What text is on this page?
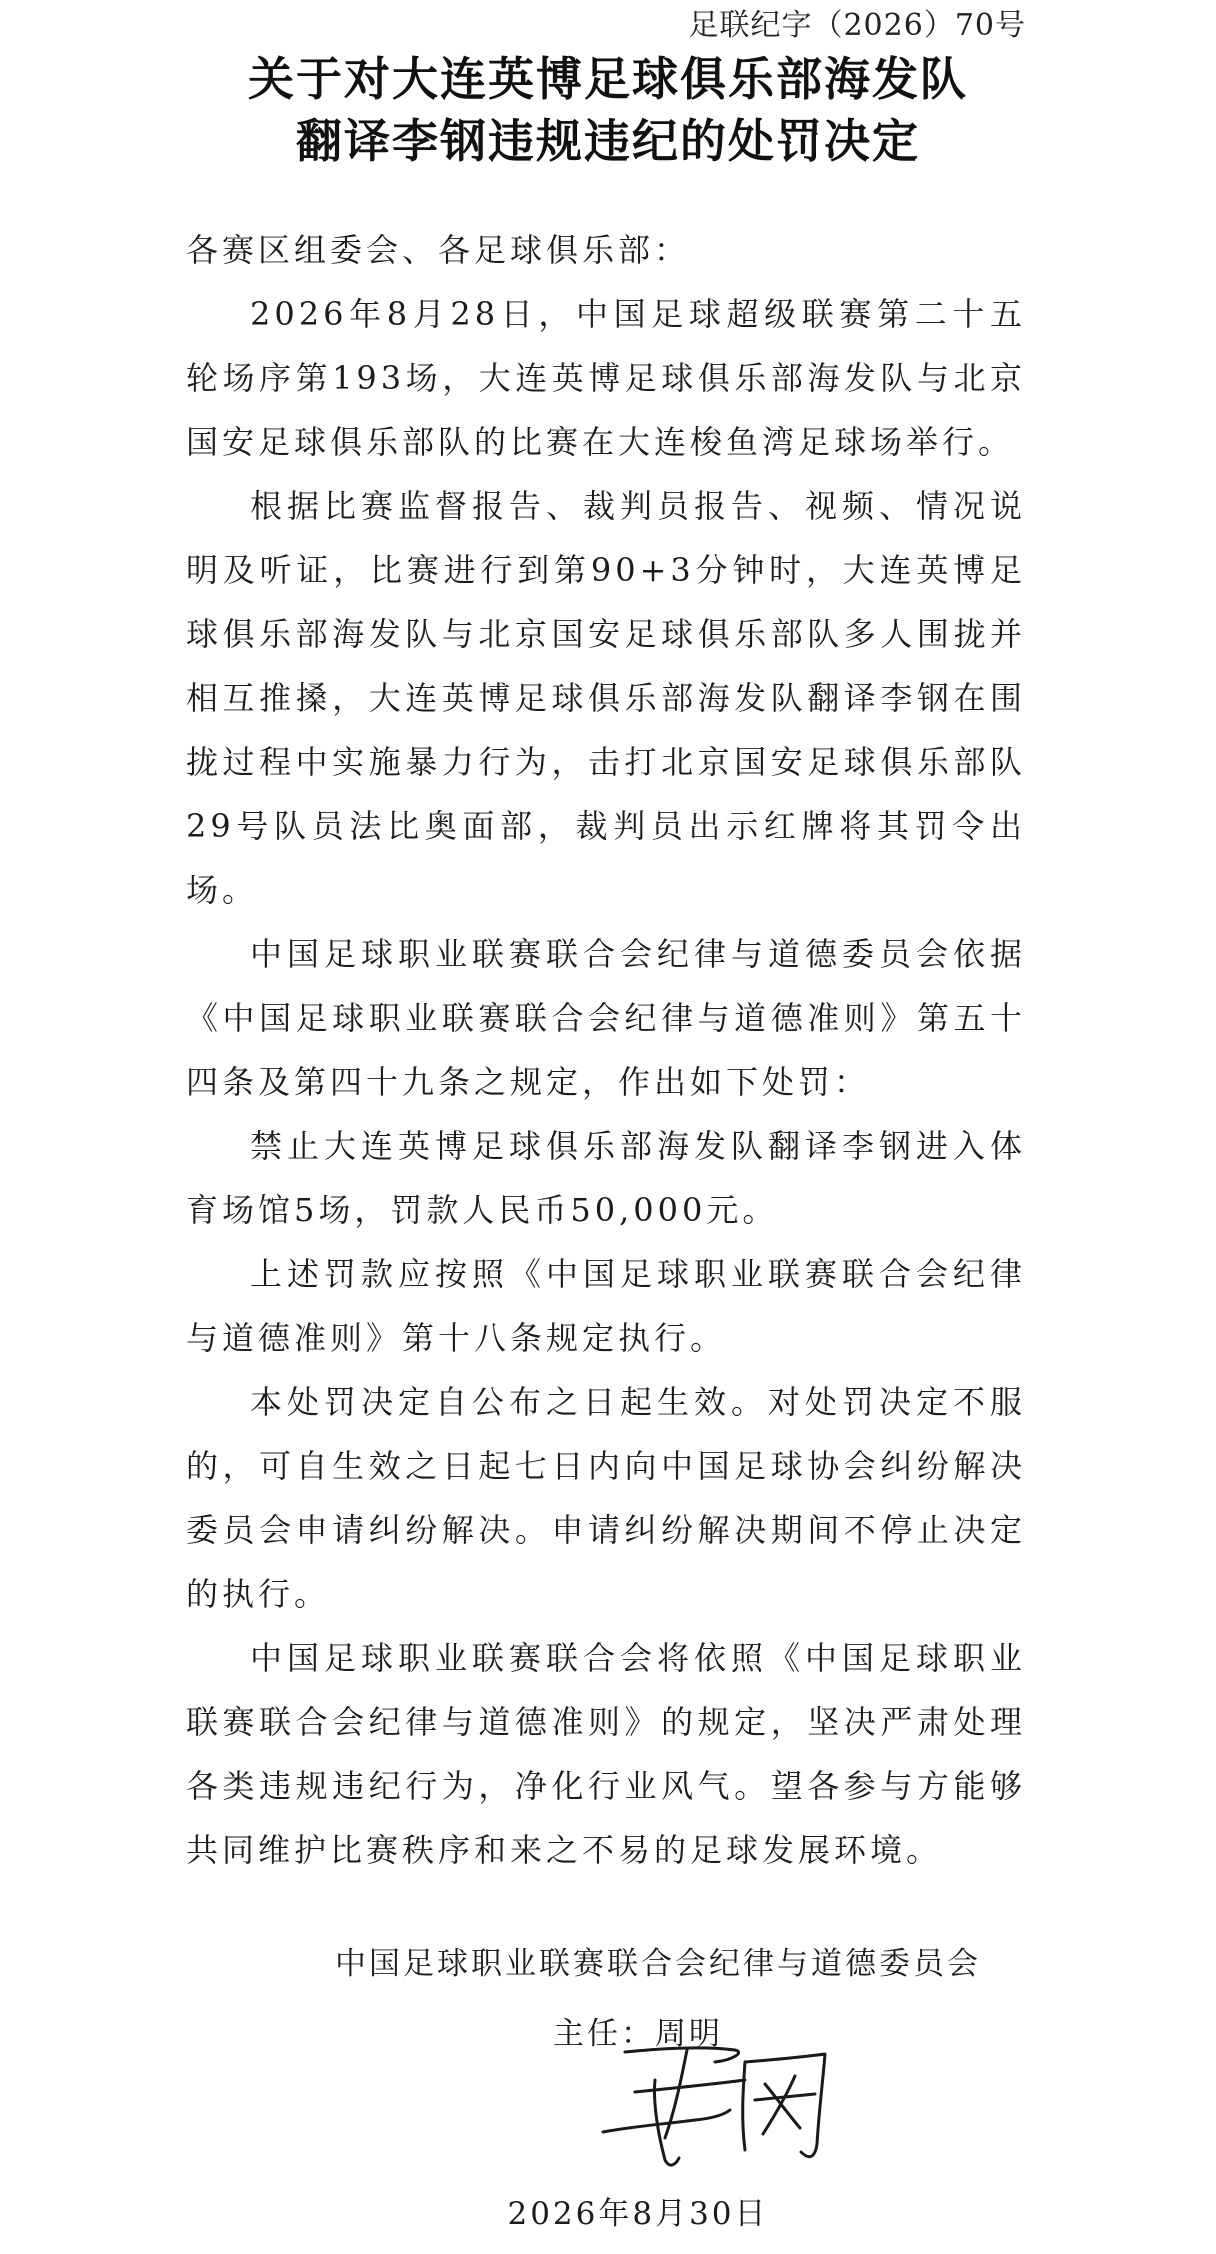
足联纪字（2026）70号
关于对大连英博足球俱乐部海发队
翻译李钢违规违纪的处罚决定

各赛区组委会、各足球俱乐部：

2026年8月28日，中国足球超级联赛第二十五轮场序第193场，大连英博足球俱乐部海发队与北京国安足球俱乐部队的比赛在大连梭鱼湾足球场举行。

根据比赛监督报告、裁判员报告、视频、情况说明及听证，比赛进行到第90+3分钟时，大连英博足球俱乐部海发队与北京国安足球俱乐部队多人围拢并相互推搡，大连英博足球俱乐部海发队翻译李钢在围拢过程中实施暴力行为，击打北京国安足球俱乐部队29号队员法比奥面部，裁判员出示红牌将其罚令出场。

中国足球职业联赛联合会纪律与道德委员会依据《中国足球职业联赛联合会纪律与道德准则》第五十四条及第四十九条之规定，作出如下处罚：

禁止大连英博足球俱乐部海发队翻译李钢进入体育场馆5场，罚款人民币50,000元。

上述罚款应按照《中国足球职业联赛联合会纪律与道德准则》第十八条规定执行。

本处罚决定自公布之日起生效。对处罚决定不服的，可自生效之日起七日内向中国足球协会纠纷解决委员会申请纠纷解决。申请纠纷解决期间不停止决定的执行。

中国足球职业联赛联合会将依照《中国足球职业联赛联合会纪律与道德准则》的规定，坚决严肃处理各类违规违纪行为，净化行业风气。望各参与方能够共同维护比赛秩序和来之不易的足球发展环境。

中国足球职业联赛联合会纪律与道德委员会
主任：周明
2026年8月30日
